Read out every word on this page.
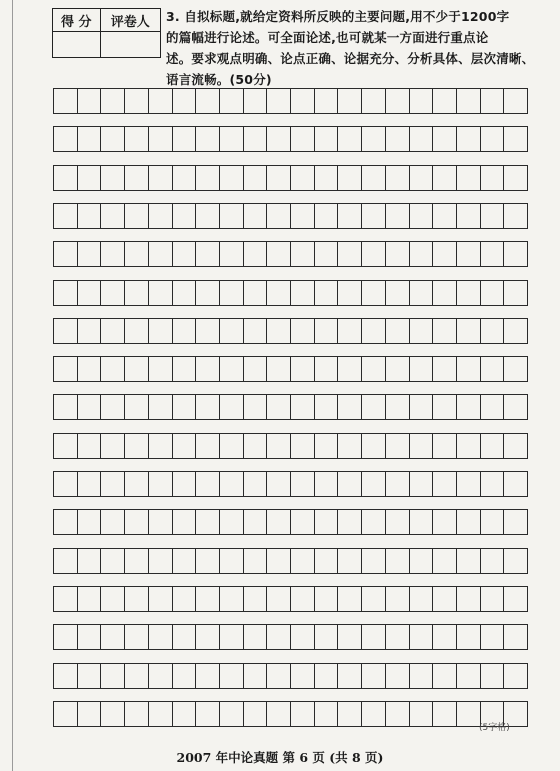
得 分	评卷人
	3. 自拟标题,就给定资料所反映的主要问题,用不少于1200字
的篇幅进行论述。可全面论述,也可就某一方面进行重点论
述。要求观点明确、论点正确、论据充分、分析具体、层次清晰、
语言流畅。(50分)
(5字格)
2007 年中论真题 第 6 页 (共 8 页)
